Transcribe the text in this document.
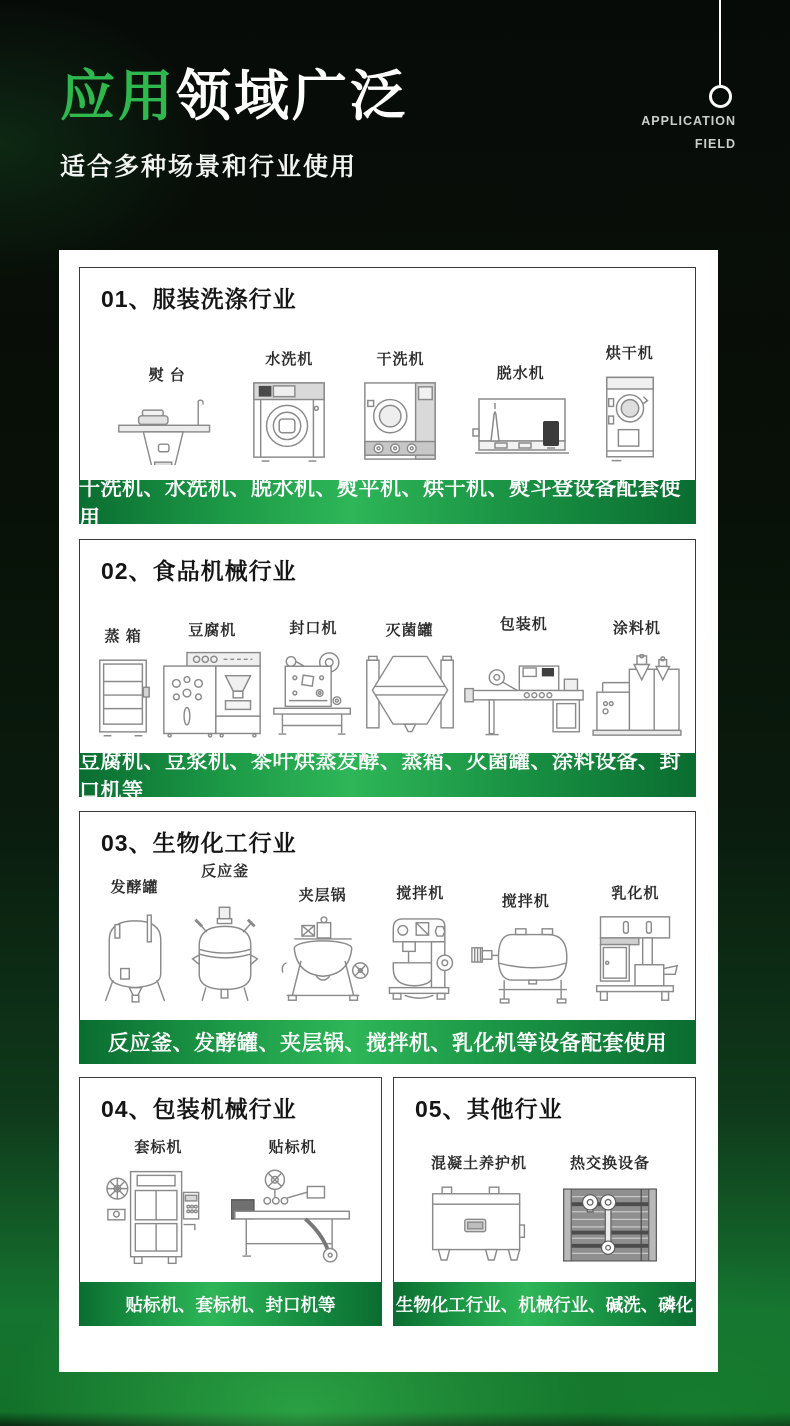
应用领域广泛

适合多种场景和行业使用

APPLICATION
FIELD
01、服装洗涤行业
熨 台
水洗机	干洗机
脱水机
烘干机
干洗机、水洗机、脱水机、熨平机、烘干机、熨斗登设备配套使用
02、食品机械行业
蒸 箱	豆腐机	封口机	灭菌罐	包装机	涂料机
豆腐机、豆浆机、茶叶烘蒸发酵、蒸箱、灭菌罐、涂料设备、封口机等
03、生物化工行业
发酵罐
反应釜
夹层锅	搅拌机	搅拌机	乳化机
反应釜、发酵罐、夹层锅、搅拌机、乳化机等设备配套使用
04、包装机械行业
套标机	贴标机
贴标机、套标机、封口机等
05、其他行业
混凝土养护机	热交换设备
生物化工行业、机械行业、碱洗、磷化
